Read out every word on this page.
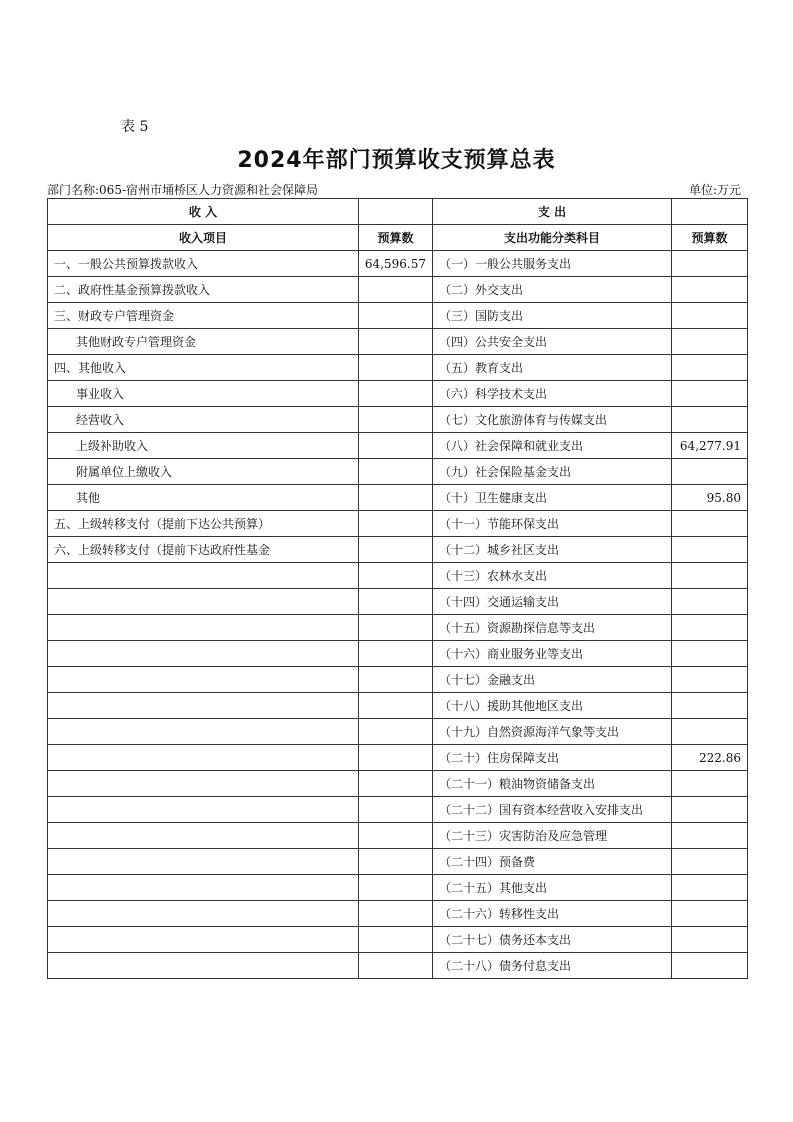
表 5
2024年部门预算收支预算总表
部门名称:065-宿州市埇桥区人力资源和社会保障局	单位:万元
收 入		支 出	
收入项目	预算数	支出功能分类科目	预算数
一、一般公共预算拨款收入	64,596.57	（一）一般公共服务支出	
二、政府性基金预算拨款收入		（二）外交支出	
三、财政专户管理资金		（三）国防支出	
其他财政专户管理资金		（四）公共安全支出	
四、其他收入		（五）教育支出	
事业收入		（六）科学技术支出	
经营收入		（七）文化旅游体育与传媒支出	
上级补助收入		（八）社会保障和就业支出	64,277.91
附属单位上缴收入		（九）社会保险基金支出	
其他		（十）卫生健康支出	95.80
五、上级转移支付（提前下达公共预算）		（十一）节能环保支出	
六、上级转移支付（提前下达政府性基金		（十二）城乡社区支出	
		（十三）农林水支出	
		（十四）交通运输支出	
		（十五）资源勘探信息等支出	
		（十六）商业服务业等支出	
		（十七）金融支出	
		（十八）援助其他地区支出	
		（十九）自然资源海洋气象等支出	
		（二十）住房保障支出	222.86
		（二十一）粮油物资储备支出	
		（二十二）国有资本经营收入安排支出	
		（二十三）灾害防治及应急管理	
		（二十四）预备费	
		（二十五）其他支出	
		（二十六）转移性支出	
		（二十七）债务还本支出	
		（二十八）债务付息支出	
